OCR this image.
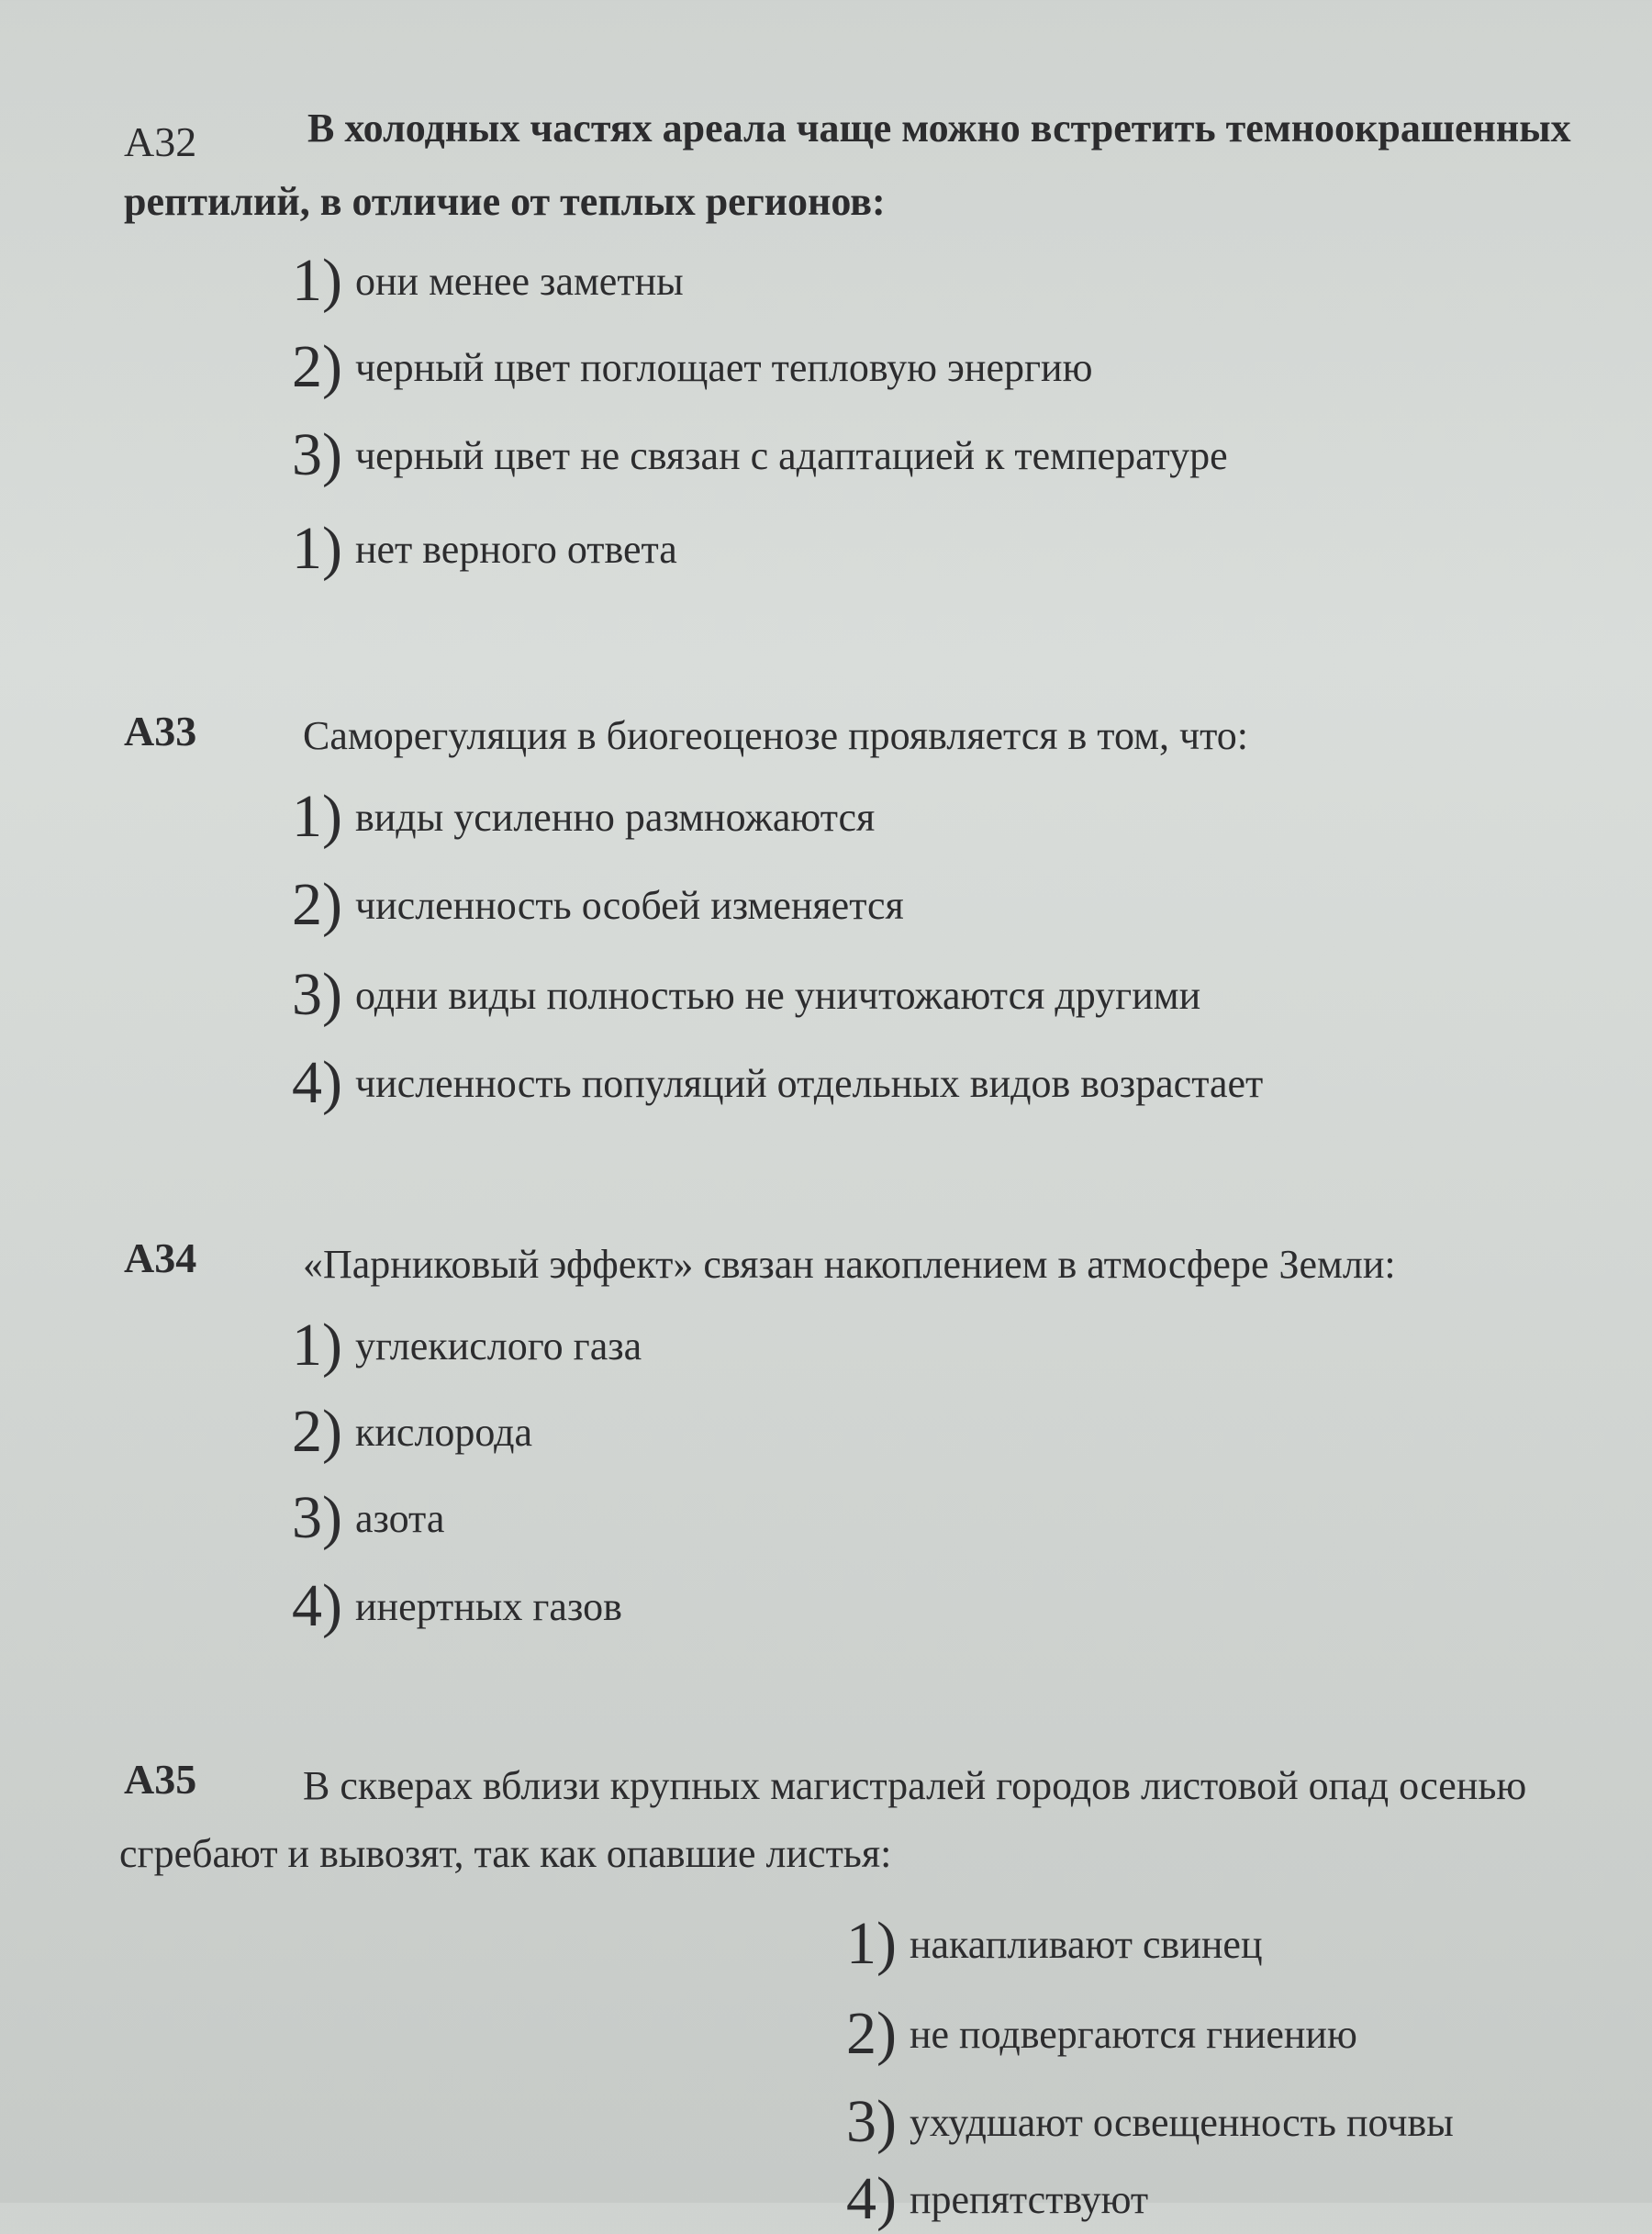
А32	В холодных частях ареала чаще можно встретить темноокрашенных
рептилий, в отличие от теплых регионов:
1) они менее заметны
2) черный цвет поглощает тепловую энергию
3) черный цвет не связан с адаптацией к температуре
1) нет верного ответа
А33	Саморегуляция в биогеоценозе проявляется в том, что:
1) виды усиленно размножаются
2) численность особей изменяется
3) одни виды полностью не уничтожаются другими
4) численность популяций отдельных видов возрастает
А34	«Парниковый эффект» связан накоплением в атмосфере Земли:
1) углекислого газа
2) кислорода
3) азота
4) инертных газов
А35	В скверах вблизи крупных магистралей городов листовой опад осенью
сгребают и вывозят, так как опавшие листья:
1) накапливают свинец
2) не подвергаются гниению
3) ухудшают освещенность почвы
4) препятствуют
